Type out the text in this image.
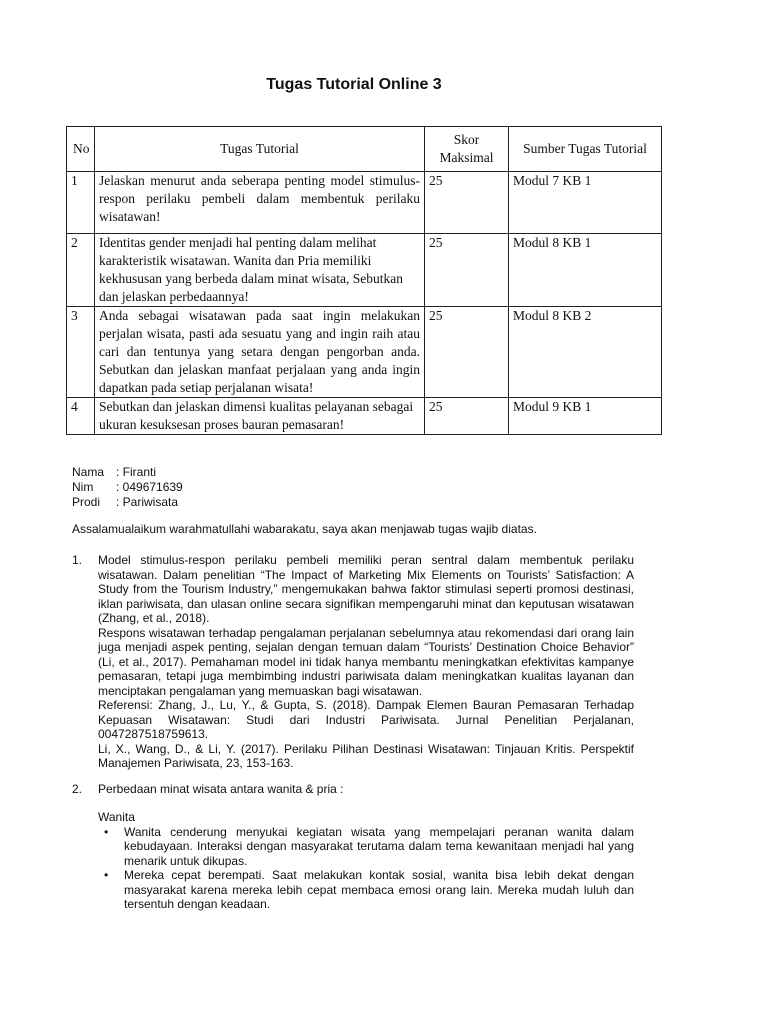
Tugas Tutorial Online 3
No	Tugas Tutorial	Skor Maksimal	Sumber Tugas Tutorial
1	Jelaskan menurut anda seberapa penting model stimulus-respon perilaku pembeli dalam membentuk perilaku wisatawan!	25	Modul 7 KB 1
2	Identitas gender menjadi hal penting dalam melihat karakteristik wisatawan. Wanita dan Pria memiliki kekhususan yang berbeda dalam minat wisata, Sebutkan dan jelaskan perbedaannya!	25	Modul 8 KB 1
3	Anda sebagai wisatawan pada saat ingin melakukan perjalan wisata, pasti ada sesuatu yang and ingin raih atau cari dan tentunya yang setara dengan pengorban anda. Sebutkan dan jelaskan manfaat perjalaan yang anda ingin dapatkan pada setiap perjalanan wisata!	25	Modul 8 KB 2
4	Sebutkan dan jelaskan dimensi kualitas pelayanan sebagai ukuran kesuksesan proses bauran pemasaran!	25	Modul 9 KB 1
Nama : Firanti
Nim	: 049671639
Prodi	: Pariwisata
Assalamualaikum warahmatullahi wabarakatu, saya akan menjawab tugas wajib diatas.
1.	Model stimulus-respon perilaku pembeli memiliki peran sentral dalam membentuk perilaku wisatawan. Dalam penelitian “The Impact of Marketing Mix Elements on Tourists’ Satisfaction: A Study from the Tourism Industry,” mengemukakan bahwa faktor stimulasi seperti promosi destinasi, iklan pariwisata, dan ulasan online secara signifikan mempengaruhi minat dan keputusan wisatawan (Zhang, et al., 2018).

Respons wisatawan terhadap pengalaman perjalanan sebelumnya atau rekomendasi dari orang lain juga menjadi aspek penting, sejalan dengan temuan dalam “Tourists’ Destination Choice Behavior” (Li, et al., 2017). Pemahaman model ini tidak hanya membantu meningkatkan efektivitas kampanye pemasaran, tetapi juga membimbing industri pariwisata dalam meningkatkan kualitas layanan dan menciptakan pengalaman yang memuaskan bagi wisatawan.

Referensi: Zhang, J., Lu, Y., & Gupta, S. (2018). Dampak Elemen Bauran Pemasaran Terhadap Kepuasan Wisatawan: Studi dari Industri Pariwisata. Jurnal Penelitian Perjalanan, 0047287518759613.

Li, X., Wang, D., & Li, Y. (2017). Perilaku Pilihan Destinasi Wisatawan: Tinjauan Kritis. Perspektif Manajemen Pariwisata, 23, 153-163.

2.	Perbedaan minat wisata antara wanita & pria :

Wanita

•	Wanita cenderung menyukai kegiatan wisata yang mempelajari peranan wanita dalam kebudayaan. Interaksi dengan masyarakat terutama dalam tema kewanitaan menjadi hal yang menarik untuk dikupas.
•	Mereka cepat berempati. Saat melakukan kontak sosial, wanita bisa lebih dekat dengan masyarakat karena mereka lebih cepat membaca emosi orang lain. Mereka mudah luluh dan tersentuh dengan keadaan.
